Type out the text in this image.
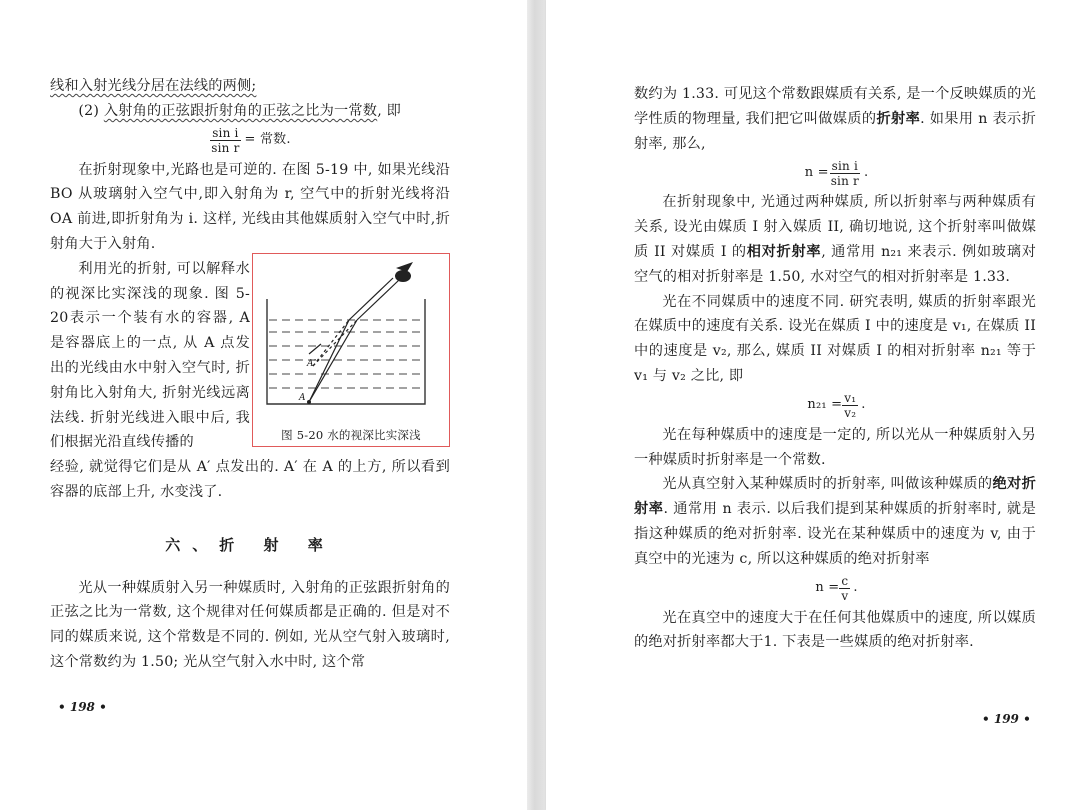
线和入射光线分居在法线的两侧;

(2) 入射角的正弦跟折射角的正弦之比为一常数, 即

$\frac{\text{sin i}}{\text{sin r}}$ = 常数.

在折射现象中,光路也是可逆的. 在图 5-19 中, 如果光线沿 BO 从玻璃射入空气中,即入射角为 r, 空气中的折射光线将沿 OA 前进,即折射角为 i. 这样, 光线由其他媒质射入空气中时,折射角大于入射角.

利用光的折射, 可以解释水的视深比实深浅的现象. 图 5-20表示一个装有水的容器, A 是容器底上的一点, 从 A 点发出的光线由水中射入空气时, 折射角比入射角大, 折射光线远离法线. 折射光线进入眼中后, 我们根据光沿直线传播的

A′
A
图 5-20 水的视深比实深浅

经验, 就觉得它们是从 A′ 点发出的. A′ 在 A 的上方, 所以看到容器的底部上升, 水变浅了.

六、折 射 率

光从一种媒质射入另一种媒质时, 入射角的正弦跟折射角的正弦之比为一常数, 这个规律对任何媒质都是正确的. 但是对不同的媒质来说, 这个常数是不同的. 例如, 光从空气射入玻璃时, 这个常数约为 1.50; 光从空气射入水中时, 这个常

• 198 •

数约为 1.33. 可见这个常数跟媒质有关系, 是一个反映媒质的光学性质的物理量, 我们把它叫做媒质的折射率. 如果用 n 表示折射率, 那么,

$n = \frac{\text{sin i}}{\text{sin r}}$ .

在折射现象中, 光通过两种媒质, 所以折射率与两种媒质有关系, 设光由媒质 I 射入媒质 II, 确切地说, 这个折射率叫做媒质 II 对媒质 I 的相对折射率, 通常用 n₂₁ 来表示. 例如玻璃对空气的相对折射率是 1.50, 水对空气的相对折射率是 1.33.

光在不同媒质中的速度不同. 研究表明, 媒质的折射率跟光在媒质中的速度有关系. 设光在媒质 I 中的速度是 v₁, 在媒质 II 中的速度是 v₂, 那么, 媒质 II 对媒质 I 的相对折射率 n₂₁ 等于 v₁ 与 v₂ 之比, 即

$n_{21} = \frac{\text{v₁}}{\text{v₂}}$ .

光在每种媒质中的速度是一定的, 所以光从一种媒质射入另一种媒质时折射率是一个常数.

光从真空射入某种媒质时的折射率, 叫做该种媒质的绝对折射率. 通常用 n 表示. 以后我们提到某种媒质的折射率时, 就是指这种媒质的绝对折射率. 设光在某种媒质中的速度为 v, 由于真空中的光速为 c, 所以这种媒质的绝对折射率

$n = \frac{c}{v}$ .

光在真空中的速度大于在任何其他媒质中的速度, 所以媒质的绝对折射率都大于1. 下表是一些媒质的绝对折射率.

• 199 •
